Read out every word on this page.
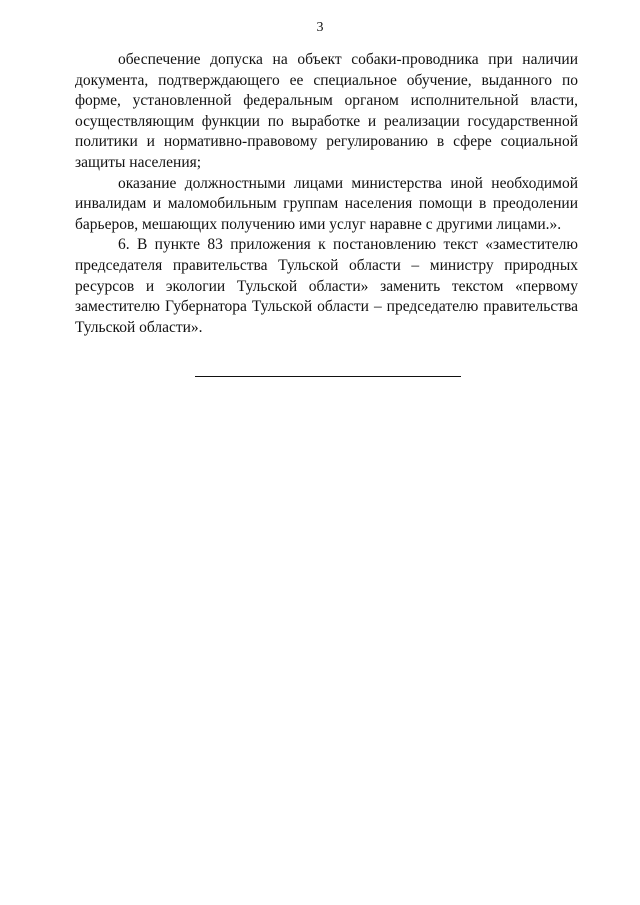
3

обеспечение допуска на объект собаки-проводника при наличии документа, подтверждающего ее специальное обучение, выданного по форме, установленной федеральным органом исполнительной власти, осуществляющим функции по выработке и реализации государственной политики и нормативно-правовому регулированию в сфере социальной защиты населения;

оказание должностными лицами министерства иной необходимой инвалидам и маломобильным группам населения помощи в преодолении барьеров, мешающих получению ими услуг наравне с другими лицами.».

6. В пункте 83 приложения к постановлению текст «заместителю председателя правительства Тульской области – министру природных ресурсов и экологии Тульской области» заменить текстом «первому заместителю Губернатора Тульской области – председателю правительства Тульской области».
